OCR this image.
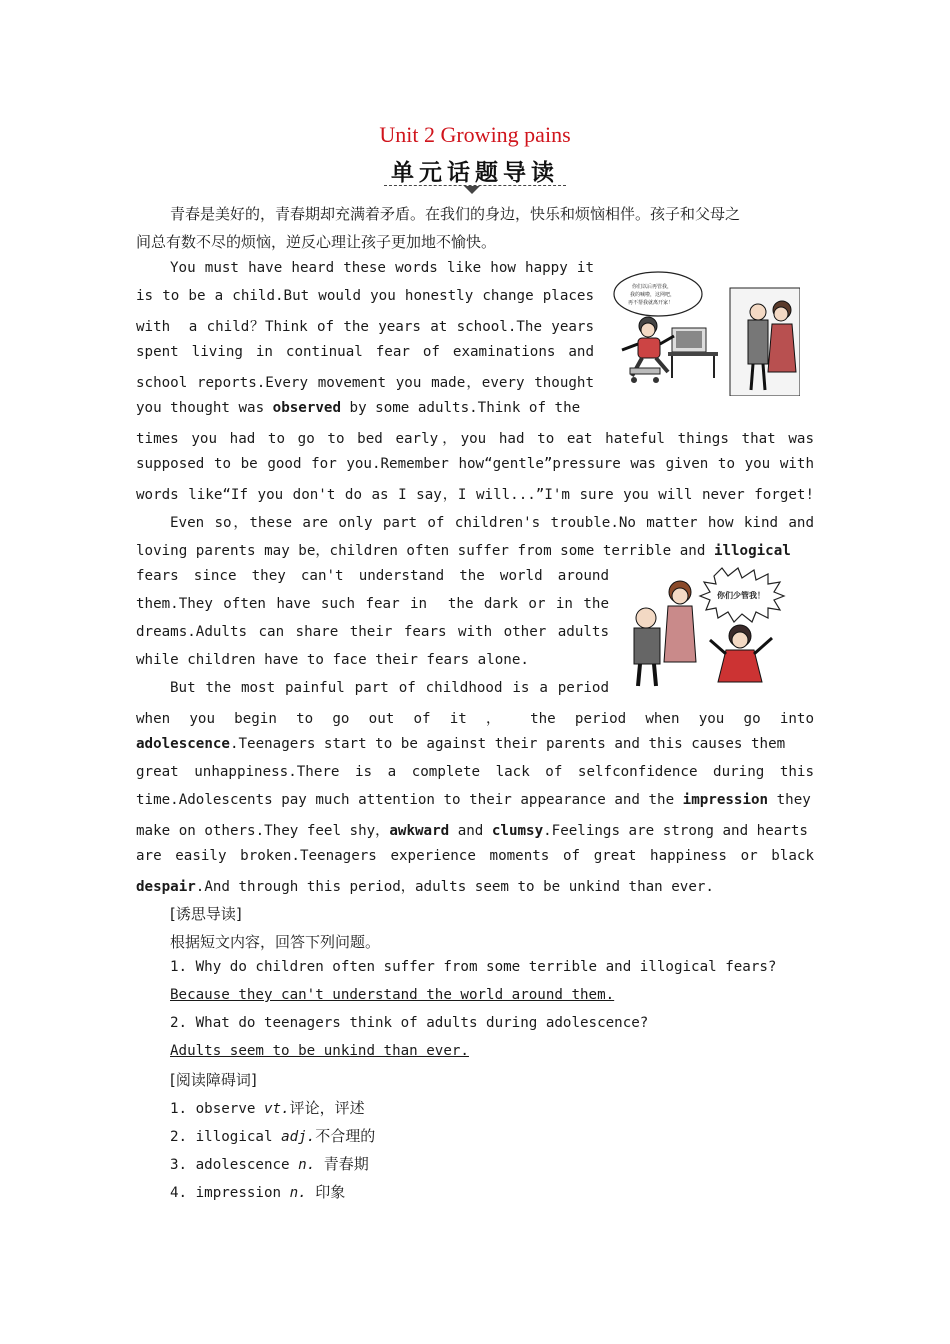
Unit 2 Growing pains
单元话题导读
青春是美好的，青春期却充满着矛盾。在我们的身边，快乐和烦恼相伴。孩子和父母之
间总有数不尽的烦恼，逆反心理让孩子更加地不愉快。
You must have heard these words like how happy it
is to be a child.But would you honestly change places
with  a child？Think of the years at school.The years
spent living in continual fear of examinations and
school reports.Every movement you made，every thought
you thought was observed by some adults.Think of the
times you had to go to bed early，you had to eat hateful things that was
supposed to be good for you.Remember how“gentle”pressure was given to you with
words like“If you don't do as I say，I will...”I'm sure you will never forget!
Even so，these are only part of children's trouble.No matter how kind and
loving parents may be，children often suffer from some terrible and illogical
fears since they can't understand the world around
them.They often have such fear in  the dark or in the
dreams.Adults can share their fears with other adults
while children have to face their fears alone.
But the most painful part of childhood is a period
when you begin to go out of it ， the period when you go into
adolescence.Teenagers start to be against their parents and this causes them
great unhappiness.There is a complete lack of selfconfidence during this
time.Adolescents pay much attention to their appearance and the impression they
make on others.They feel shy，awkward and clumsy.Feelings are strong and hearts
are easily broken.Teenagers experience moments of great happiness or black
despair.And through this period，adults seem to be unkind than ever.
[诱思导读]
根据短文内容，回答下列问题。
1. Why do children often suffer from some terrible and illogical fears?
Because they can't understand the world around them.
2. What do teenagers think of adults during adolescence?
Adults seem to be unkind than ever.
[阅读障碍词]
1. observe vt.评论，评述
2. illogical adj.不合理的
3. adolescence n. 青春期
4. impression n. 印象
你们以后再管我，
我的喊啦，这网吧，
再不帮我就离开家！
你们少管我！
